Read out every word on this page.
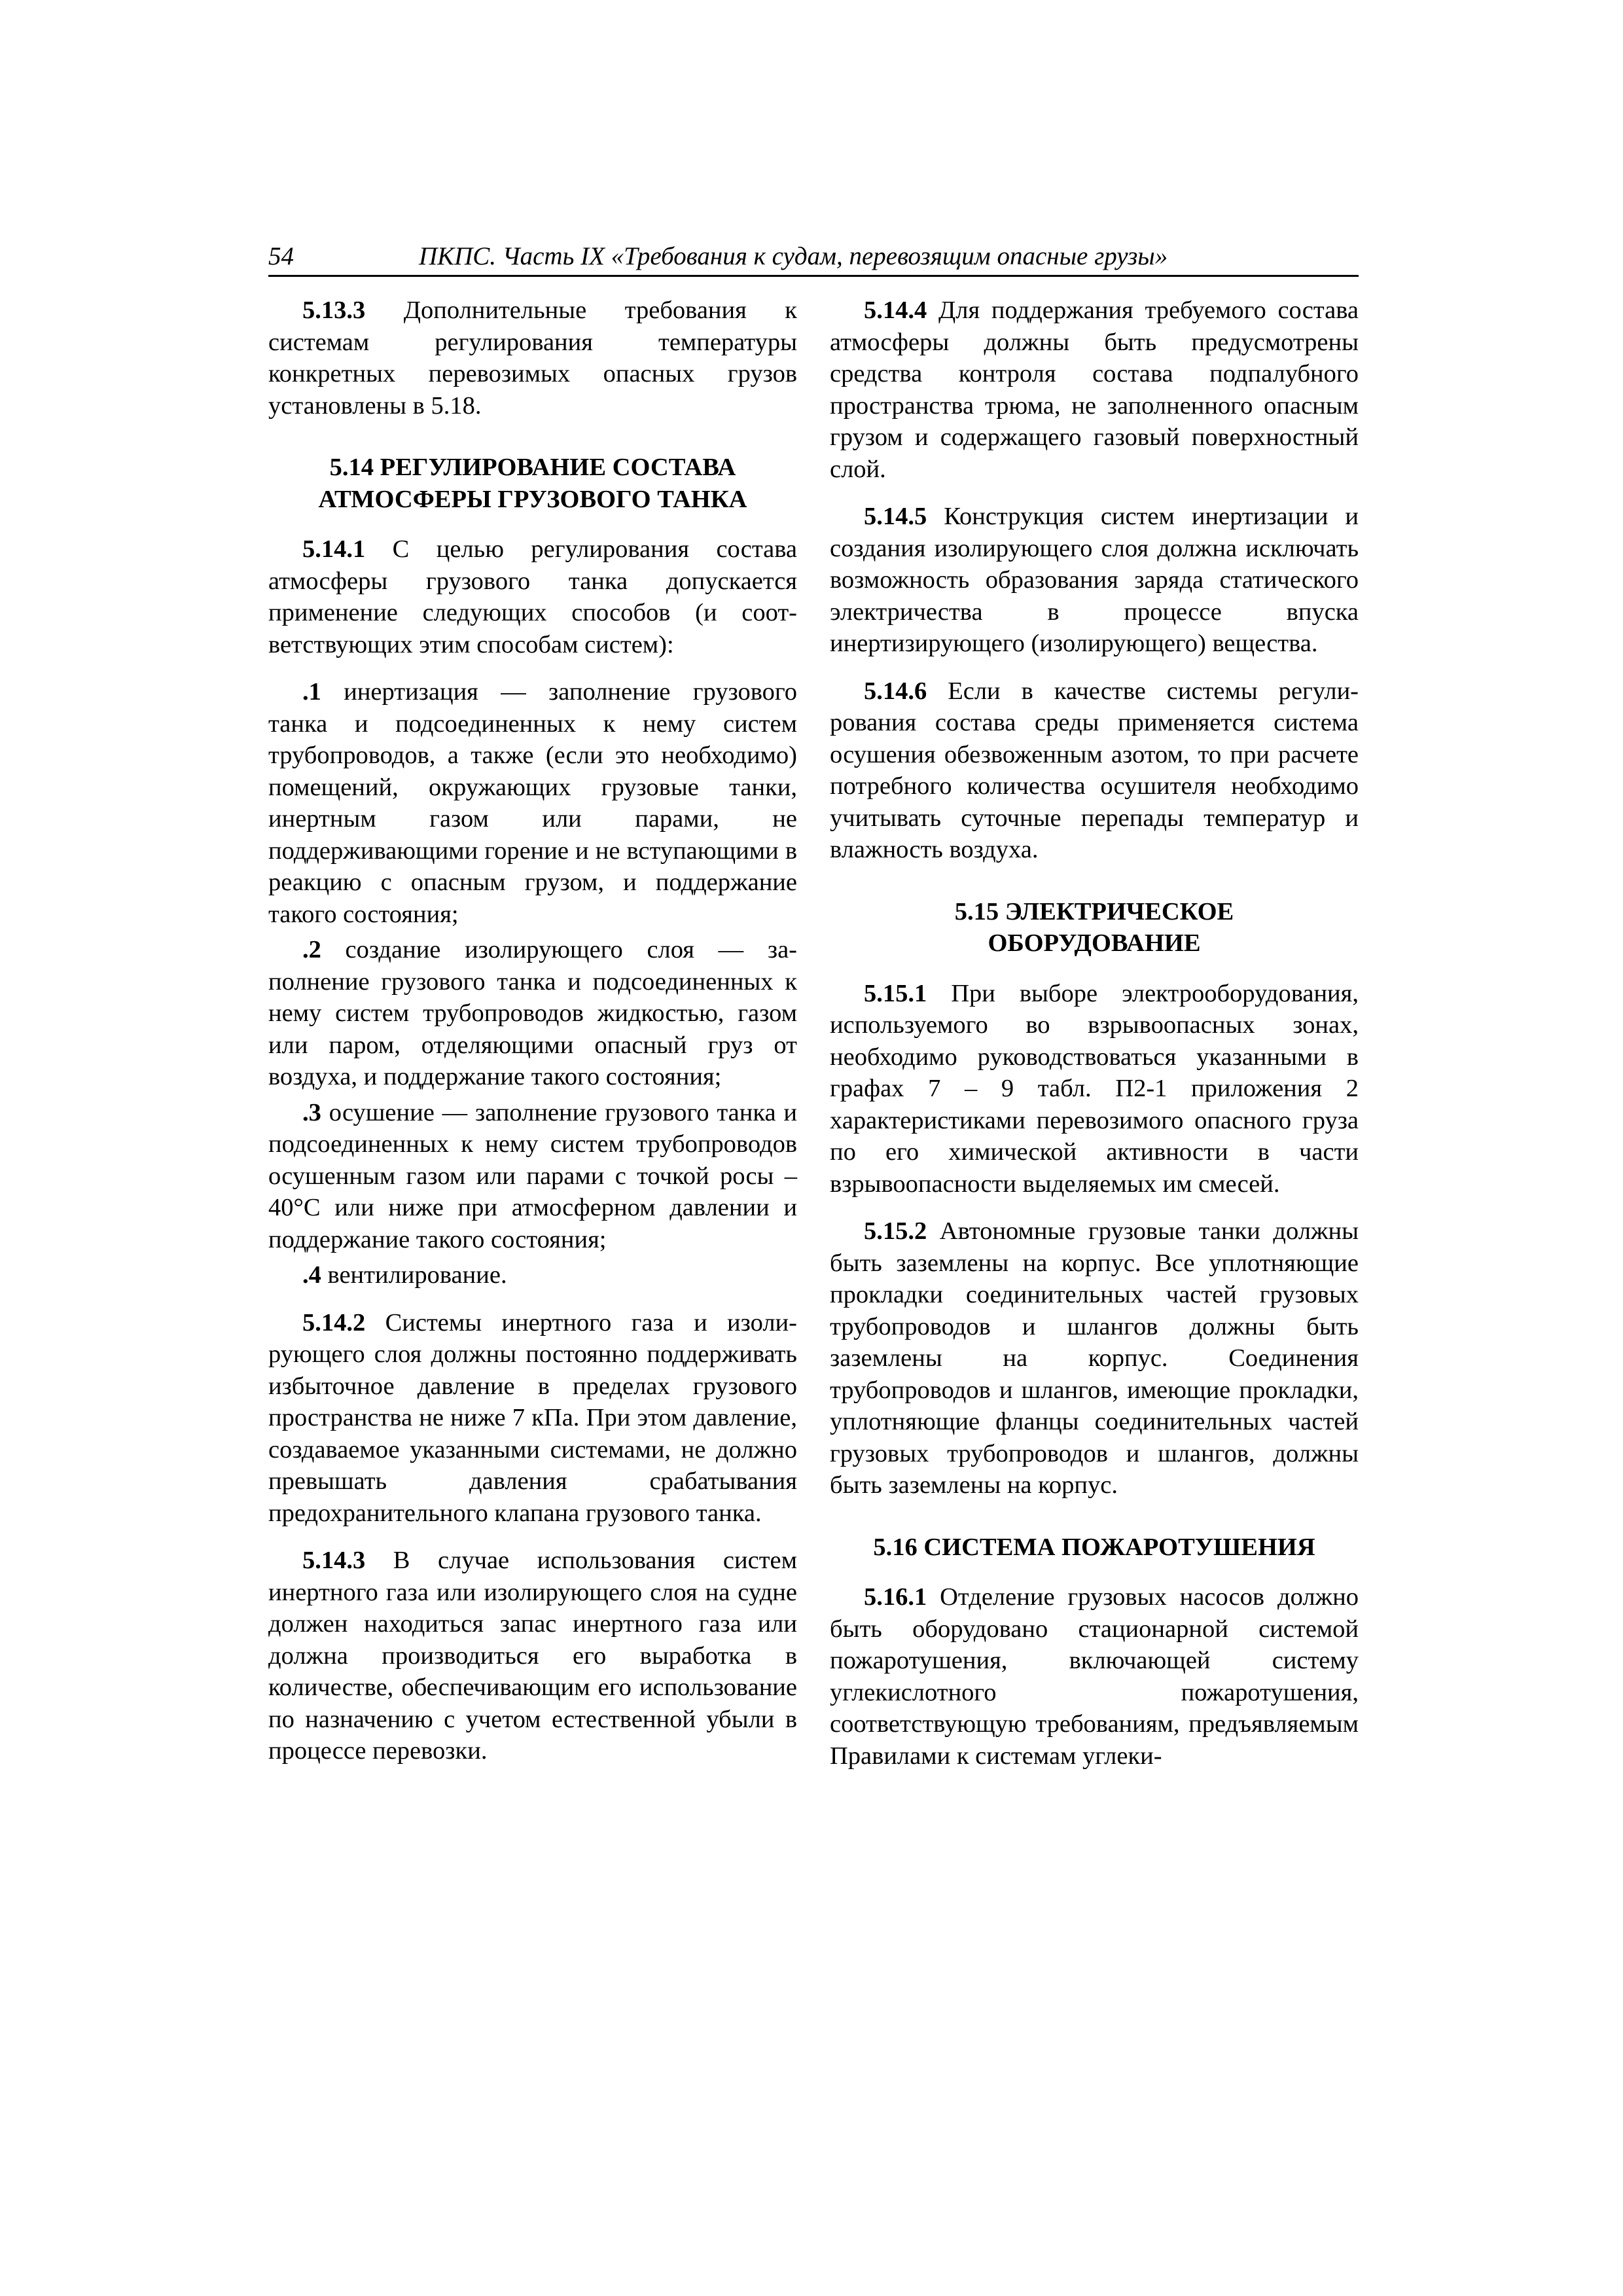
54	ПКПС. Часть IX «Требования к судам, перевозящим опасные грузы»

5.13.3 Дополнительные требования к системам регулирования температуры конкретных перевозимых опасных грузов установлены в 5.18.

5.14 РЕГУЛИРОВАНИЕ СОСТАВА
АТМОСФЕРЫ ГРУЗОВОГО ТАНКА

5.14.1 С целью регулирования состава атмосферы грузового танка допускается применение следующих способов (и соответствующих этим способам систем):

.1 инертизация — заполнение грузового танка и подсоединенных к нему систем трубопроводов, а также (если это необходимо) помещений, окружающих грузовые танки, инертным газом или парами, не поддерживающими горение и не вступающими в реакцию с опасным грузом, и поддержание такого состояния;

.2 создание изолирующего слоя — заполнение грузового танка и подсоединенных к нему систем трубопроводов жидкостью, газом или паром, отделяющими опасный груз от воздуха, и поддержание такого состояния;

.3 осушение — заполнение грузового танка и подсоединенных к нему систем трубопроводов осушенным газом или парами с точкой росы –40°C или ниже при атмосферном давлении и поддержание такого состояния;

.4 вентилирование.

5.14.2 Системы инертного газа и изолирующего слоя должны постоянно поддерживать избыточное давление в пределах грузового пространства не ниже 7 кПа. При этом давление, создаваемое указанными системами, не должно превышать давления срабатывания предохранительного клапана грузового танка.

5.14.3 В случае использования систем инертного газа или изолирующего слоя на судне должен находиться запас инертного газа или должна производиться его выработка в количестве, обеспечивающим его использование по назначению с учетом естественной убыли в процессе перевозки.

5.14.4 Для поддержания требуемого состава атмосферы должны быть предусмотрены средства контроля состава подпалубного пространства трюма, не заполненного опасным грузом и содержащего газовый поверхностный слой.

5.14.5 Конструкция систем инертизации и создания изолирующего слоя должна исключать возможность образования заряда статического электричества в процессе впуска инертизирующего (изолирующего) вещества.

5.14.6 Если в качестве системы регулирования состава среды применяется система осушения обезвоженным азотом, то при расчете потребного количества осушителя необходимо учитывать суточные перепады температур и влажность воздуха.

5.15 ЭЛЕКТРИЧЕСКОЕ
ОБОРУДОВАНИЕ

5.15.1 При выборе электрооборудования, используемого во взрывоопасных зонах, необходимо руководствоваться указанными в графах 7 – 9 табл. П2-1 приложения 2 характеристиками перевозимого опасного груза по его химической активности в части взрывоопасности выделяемых им смесей.

5.15.2 Автономные грузовые танки должны быть заземлены на корпус. Все уплотняющие прокладки соединительных частей грузовых трубопроводов и шлангов должны быть заземлены на корпус. Соединения трубопроводов и шлангов, имеющие прокладки, уплотняющие фланцы соединительных частей грузовых трубопроводов и шлангов, должны быть заземлены на корпус.

5.16 СИСТЕМА ПОЖАРОТУШЕНИЯ

5.16.1 Отделение грузовых насосов должно быть оборудовано стационарной системой пожаротушения, включающей систему углекислотного пожаротушения, соответствующую требованиям, предъявляемым Правилами к системам углеки-
